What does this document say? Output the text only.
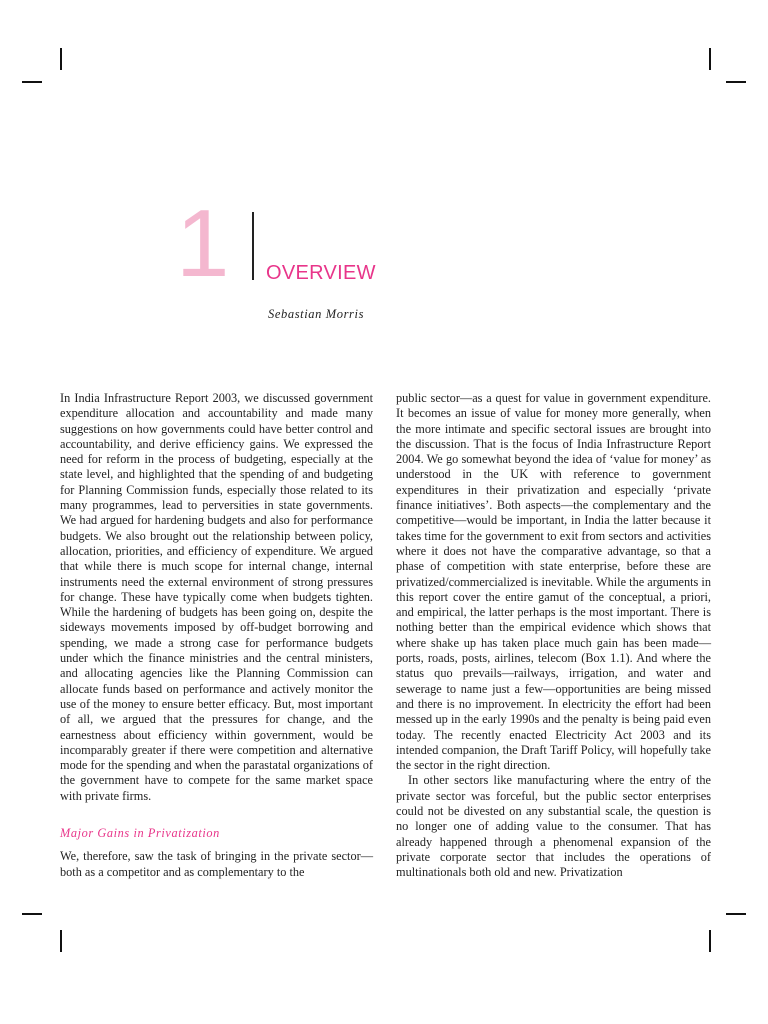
1 OVERVIEW
Sebastian Morris

In India Infrastructure Report 2003, we discussed government expenditure allocation and accountability and made many suggestions on how governments could have better control and accountability, and derive efficiency gains. We expressed the need for reform in the process of budgeting, especially at the state level, and highlighted that the spending of and budgeting for Planning Commission funds, especially those related to its many programmes, lead to perversities in state governments. We had argued for hardening budgets and also for performance budgets. We also brought out the relationship between policy, allocation, priorities, and efficiency of expenditure. We argued that while there is much scope for internal change, internal instruments need the external environment of strong pressures for change. These have typically come when budgets tighten. While the hardening of budgets has been going on, despite the sideways movements imposed by off-budget borrowing and spending, we made a strong case for performance budgets under which the finance ministries and the central ministers, and allocating agencies like the Planning Commission can allocate funds based on performance and actively monitor the use of the money to ensure better efficacy. But, most important of all, we argued that the pressures for change, and the earnestness about efficiency within government, would be incomparably greater if there were competition and alternative mode for the spending and when the parastatal organizations of the government have to compete for the same market space with private firms.

Major Gains in Privatization

We, therefore, saw the task of bringing in the private sector—both as a competitor and as complementary to the

public sector—as a quest for value in government expenditure. It becomes an issue of value for money more generally, when the more intimate and specific sectoral issues are brought into the discussion. That is the focus of India Infrastructure Report 2004. We go somewhat beyond the idea of ‘value for money’ as understood in the UK with reference to government expenditures in their privatization and especially ‘private finance initiatives’. Both aspects—the complementary and the competitive—would be important, in India the latter because it takes time for the government to exit from sectors and activities where it does not have the comparative advantage, so that a phase of competition with state enterprise, before these are privatized/commercialized is inevitable. While the arguments in this report cover the entire gamut of the conceptual, a priori, and empirical, the latter perhaps is the most important. There is nothing better than the empirical evidence which shows that where shake up has taken place much gain has been made—ports, roads, posts, airlines, telecom (Box 1.1). And where the status quo prevails—railways, irrigation, and water and sewerage to name just a few—opportunities are being missed and there is no improvement. In electricity the effort had been messed up in the early 1990s and the penalty is being paid even today. The recently enacted Electricity Act 2003 and its intended companion, the Draft Tariff Policy, will hopefully take the sector in the right direction.

In other sectors like manufacturing where the entry of the private sector was forceful, but the public sector enterprises could not be divested on any substantial scale, the question is no longer one of adding value to the consumer. That has already happened through a phenomenal expansion of the private corporate sector that includes the operations of multinationals both old and new. Privatization
